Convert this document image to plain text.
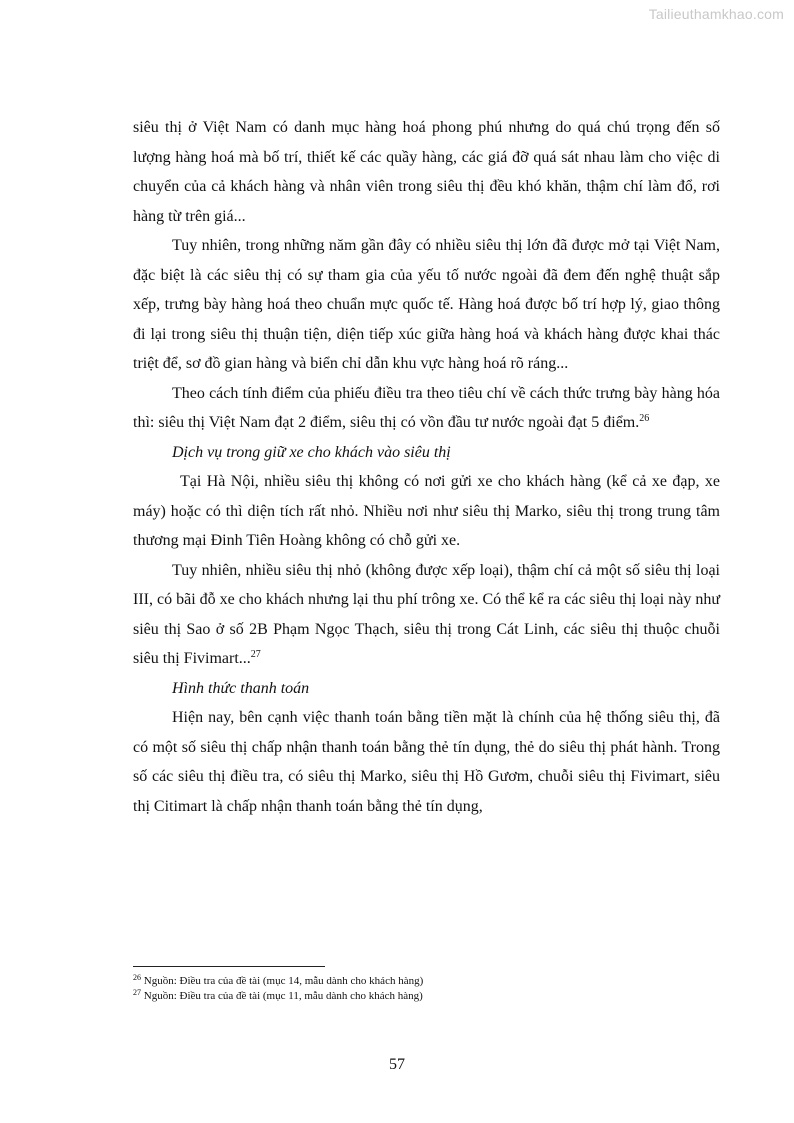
Tailieuthamkhao.com

siêu thị ở Việt Nam có danh mục hàng hoá phong phú nhưng do quá chú trọng đến số lượng hàng hoá mà bố trí, thiết kế các quầy hàng, các giá đỡ quá sát nhau làm cho việc di chuyển của cả khách hàng và nhân viên trong siêu thị đều khó khăn, thậm chí làm đổ, rơi hàng từ trên giá...

Tuy nhiên, trong những năm gần đây có nhiều siêu thị lớn đã được mở tại Việt Nam, đặc biệt là các siêu thị có sự tham gia của yếu tố nước ngoài đã đem đến nghệ thuật sắp xếp, trưng bày hàng hoá theo chuẩn mực quốc tế. Hàng hoá được bố trí hợp lý, giao thông đi lại trong siêu thị thuận tiện, diện tiếp xúc giữa hàng hoá và khách hàng được khai thác triệt để, sơ đồ gian hàng và biển chỉ dẫn khu vực hàng hoá rõ ráng...

Theo cách tính điểm của phiếu điều tra theo tiêu chí về cách thức trưng bày hàng hóa thì: siêu thị Việt Nam đạt 2 điểm, siêu thị có vồn đầu tư nước ngoài đạt 5 điểm.$^{26}$

Dịch vụ trong giữ xe cho khách vào siêu thị

Tại Hà Nội, nhiều siêu thị không có nơi gửi xe cho khách hàng (kể cả xe đạp, xe máy) hoặc có thì diện tích rất nhỏ. Nhiều nơi như siêu thị Marko, siêu thị trong trung tâm thương mại Đinh Tiên Hoàng không có chỗ gửi xe.

Tuy nhiên, nhiều siêu thị nhỏ (không được xếp loại), thậm chí cả một số siêu thị loại III, có bãi đỗ xe cho khách nhưng lại thu phí trông xe. Có thể kể ra các siêu thị loại này như siêu thị Sao ở số 2B Phạm Ngọc Thạch, siêu thị trong Cát Linh, các siêu thị thuộc chuỗi siêu thị Fivimart...$^{27}$

Hình thức thanh toán

Hiện nay, bên cạnh việc thanh toán bằng tiền mặt là chính của hệ thống siêu thị, đã có một số siêu thị chấp nhận thanh toán bằng thẻ tín dụng, thẻ do siêu thị phát hành. Trong số các siêu thị điều tra, có siêu thị Marko, siêu thị Hồ Gươm, chuỗi siêu thị Fivimart, siêu thị Citimart là chấp nhận thanh toán bằng thẻ tín dụng,

$^{26}$ Nguồn: Điều tra của đề tài (mục 14, mẫu dành cho khách hàng)

$^{27}$ Nguồn: Điều tra của đề tài (mục 11, mẫu dành cho khách hàng)

57
